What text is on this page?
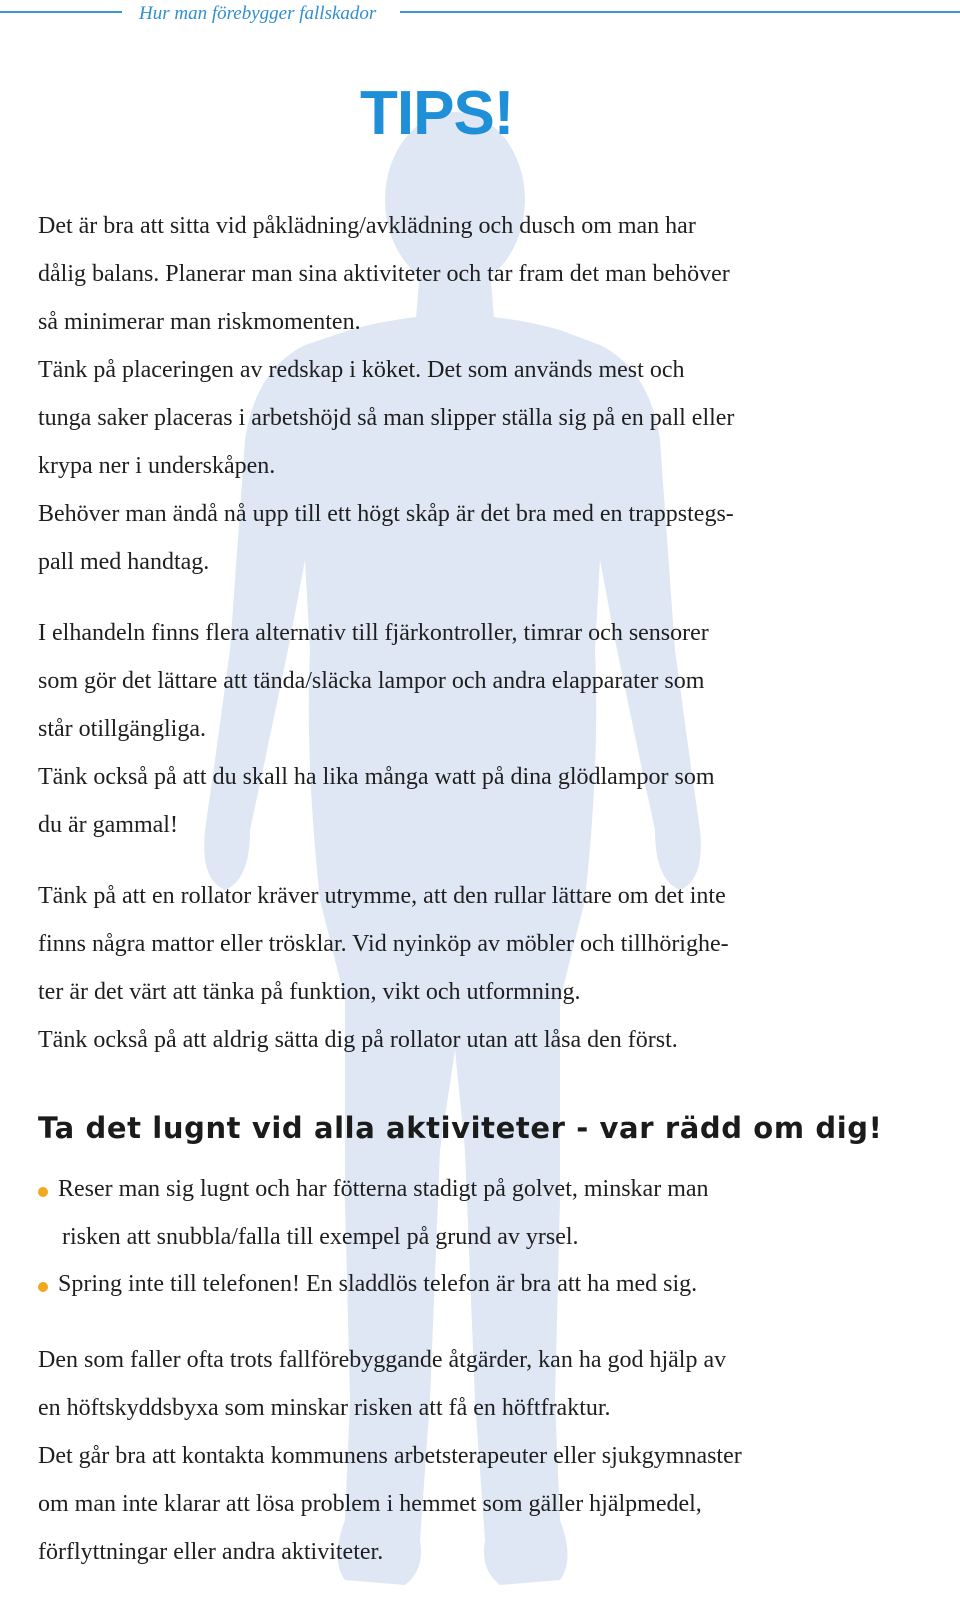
Hur man förebygger fallskador
TIPS!
Det är bra att sitta vid påklädning/avklädning och dusch om man har
dålig balans. Planerar man sina aktiviteter och tar fram det man behöver
så minimerar man riskmomenten.
Tänk på placeringen av redskap i köket. Det som används mest och
tunga saker placeras i arbetshöjd så man slipper ställa sig på en pall eller
krypa ner i underskåpen.
Behöver man ändå nå upp till ett högt skåp är det bra med en trappstegs-
pall med handtag.
I elhandeln finns flera alternativ till fjärkontroller, timrar och sensorer
som gör det lättare att tända/släcka lampor och andra elapparater som
står otillgängliga.
Tänk också på att du skall ha lika många watt på dina glödlampor som
du är gammal!
Tänk på att en rollator kräver utrymme, att den rullar lättare om det inte
finns några mattor eller trösklar. Vid nyinköp av möbler och tillhörighe-
ter är det värt att tänka på funktion, vikt och utformning.
Tänk också på att aldrig sätta dig på rollator utan att låsa den först.
Ta det lugnt vid alla aktiviteter - var rädd om dig!
Reser man sig lugnt och har fötterna stadigt på golvet, minskar man
risken att snubbla/falla till exempel på grund av yrsel.
Spring inte till telefonen! En sladdlös telefon är bra att ha med sig.
Den som faller ofta trots fallförebyggande åtgärder, kan ha god hjälp av
en höftskyddsbyxa som minskar risken att få en höftfraktur.
Det går bra att kontakta kommunens arbetsterapeuter eller sjukgymnaster
om man inte klarar att lösa problem i hemmet som gäller hjälpmedel,
förflyttningar eller andra aktiviteter.
